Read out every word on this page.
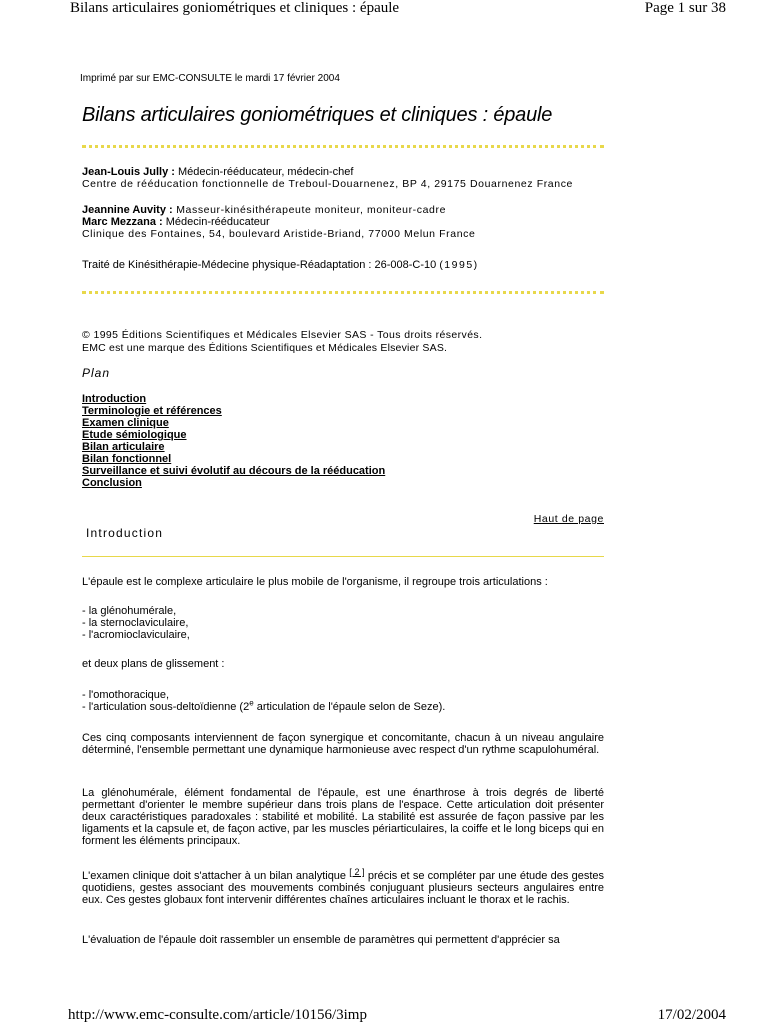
Bilans articulaires goniométriques et cliniques : épaule	Page 1 sur 38
Imprimé par sur EMC-CONSULTE le mardi 17 février 2004
Bilans articulaires goniométriques et cliniques : épaule
Jean-Louis Jully : Médecin-rééducateur, médecin-chef
Centre de rééducation fonctionnelle de Treboul-Douarnenez, BP 4, 29175 Douarnenez France
Jeannine Auvity : Masseur-kinésithérapeute moniteur, moniteur-cadre
Marc Mezzana : Médecin-rééducateur
Clinique des Fontaines, 54, boulevard Aristide-Briand, 77000 Melun France
Traité de Kinésithérapie-Médecine physique-Réadaptation : 26-008-C-10 (1995)
© 1995 Éditions Scientifiques et Médicales Elsevier SAS - Tous droits réservés.
EMC est une marque des Éditions Scientifiques et Médicales Elsevier SAS.
Plan
Introduction
Terminologie et références
Examen clinique
Etude sémiologique
Bilan articulaire
Bilan fonctionnel
Surveillance et suivi évolutif au décours de la rééducation
Conclusion
Haut de page
Introduction
L'épaule est le complexe articulaire le plus mobile de l'organisme, il regroupe trois articulations :
- la glénohumérale,
- la sternoclaviculaire,
- l'acromioclaviculaire,
et deux plans de glissement :
- l'omothoracique,
- l'articulation sous-deltoïdienne (2e articulation de l'épaule selon de Seze).
Ces cinq composants interviennent de façon synergique et concomitante, chacun à un niveau angulaire déterminé, l'ensemble permettant une dynamique harmonieuse avec respect d'un rythme scapulohuméral.
La glénohumérale, élément fondamental de l'épaule, est une énarthrose à trois degrés de liberté permettant d'orienter le membre supérieur dans trois plans de l'espace. Cette articulation doit présenter deux caractéristiques paradoxales : stabilité et mobilité. La stabilité est assurée de façon passive par les ligaments et la capsule et, de façon active, par les muscles périarticulaires, la coiffe et le long biceps qui en forment les éléments principaux.
L'examen clinique doit s'attacher à un bilan analytique [ 2 ] précis et se compléter par une étude des gestes quotidiens, gestes associant des mouvements combinés conjuguant plusieurs secteurs angulaires entre eux. Ces gestes globaux font intervenir différentes chaînes articulaires incluant le thorax et le rachis.
L'évaluation de l'épaule doit rassembler un ensemble de paramètres qui permettent d'apprécier sa
http://www.emc-consulte.com/article/10156/3imp	17/02/2004
